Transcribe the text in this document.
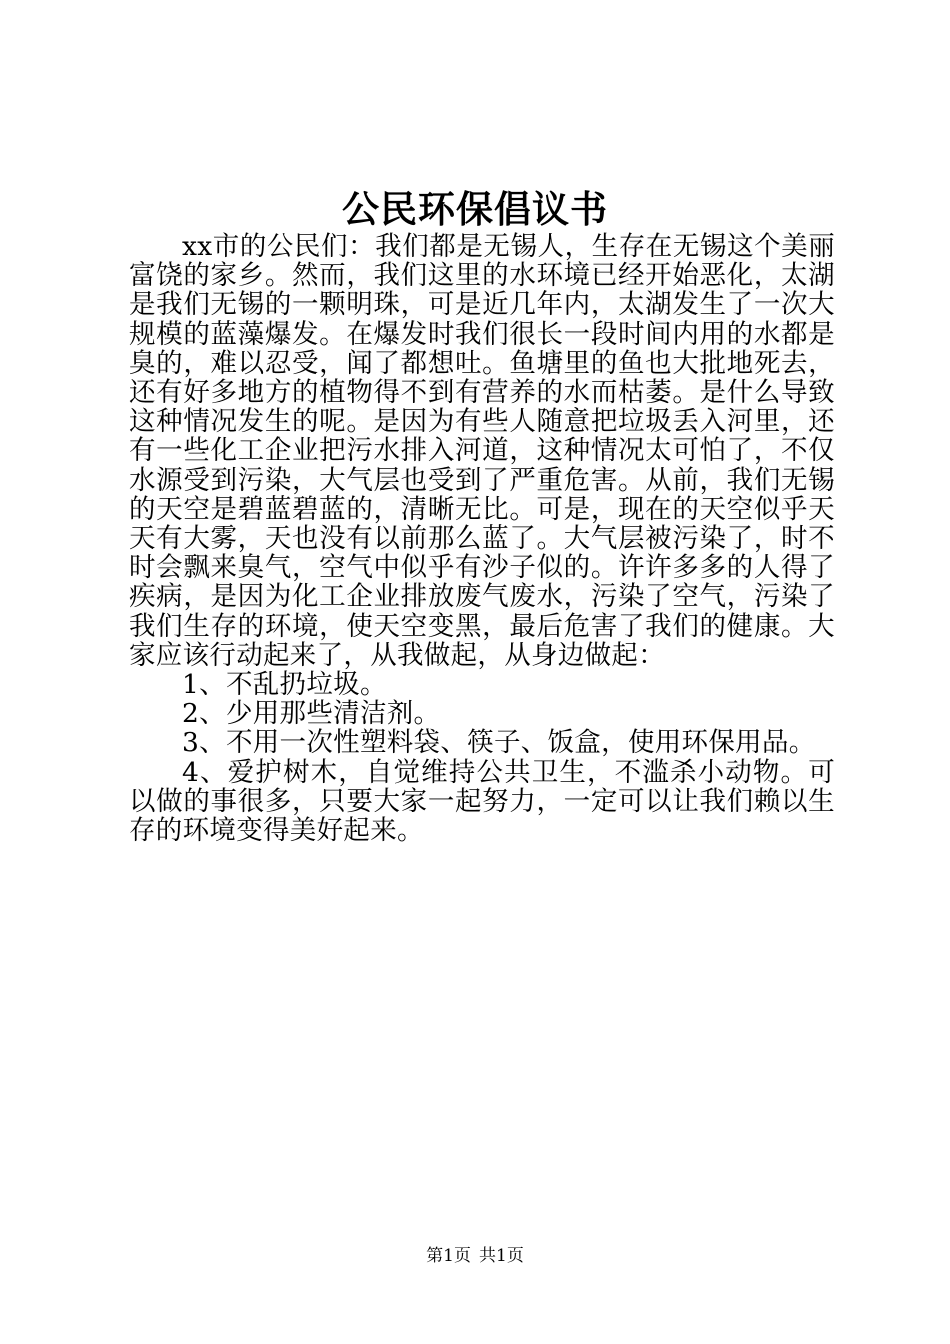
公民环保倡议书

xx市的公民们：我们都是无锡人，生存在无锡这个美丽富饶的家乡。然而，我们这里的水环境已经开始恶化，太湖是我们无锡的一颗明珠，可是近几年内，太湖发生了一次大规模的蓝藻爆发。在爆发时我们很长一段时间内用的水都是臭的，难以忍受，闻了都想吐。鱼塘里的鱼也大批地死去，还有好多地方的植物得不到有营养的水而枯萎。是什么导致这种情况发生的呢。是因为有些人随意把垃圾丢入河里，还有一些化工企业把污水排入河道，这种情况太可怕了，不仅水源受到污染，大气层也受到了严重危害。从前，我们无锡的天空是碧蓝碧蓝的，清晰无比。可是，现在的天空似乎天天有大雾，天也没有以前那么蓝了。大气层被污染了，时不时会飘来臭气，空气中似乎有沙子似的。许许多多的人得了疾病，是因为化工企业排放废气废水，污染了空气，污染了我们生存的环境，使天空变黑，最后危害了我们的健康。大家应该行动起来了，从我做起，从身边做起：

1、不乱扔垃圾。

2、少用那些清洁剂。

3、不用一次性塑料袋、筷子、饭盒，使用环保用品。

4、爱护树木，自觉维持公共卫生，不滥杀小动物。可以做的事很多，只要大家一起努力，一定可以让我们赖以生存的环境变得美好起来。

第1页 共1页
